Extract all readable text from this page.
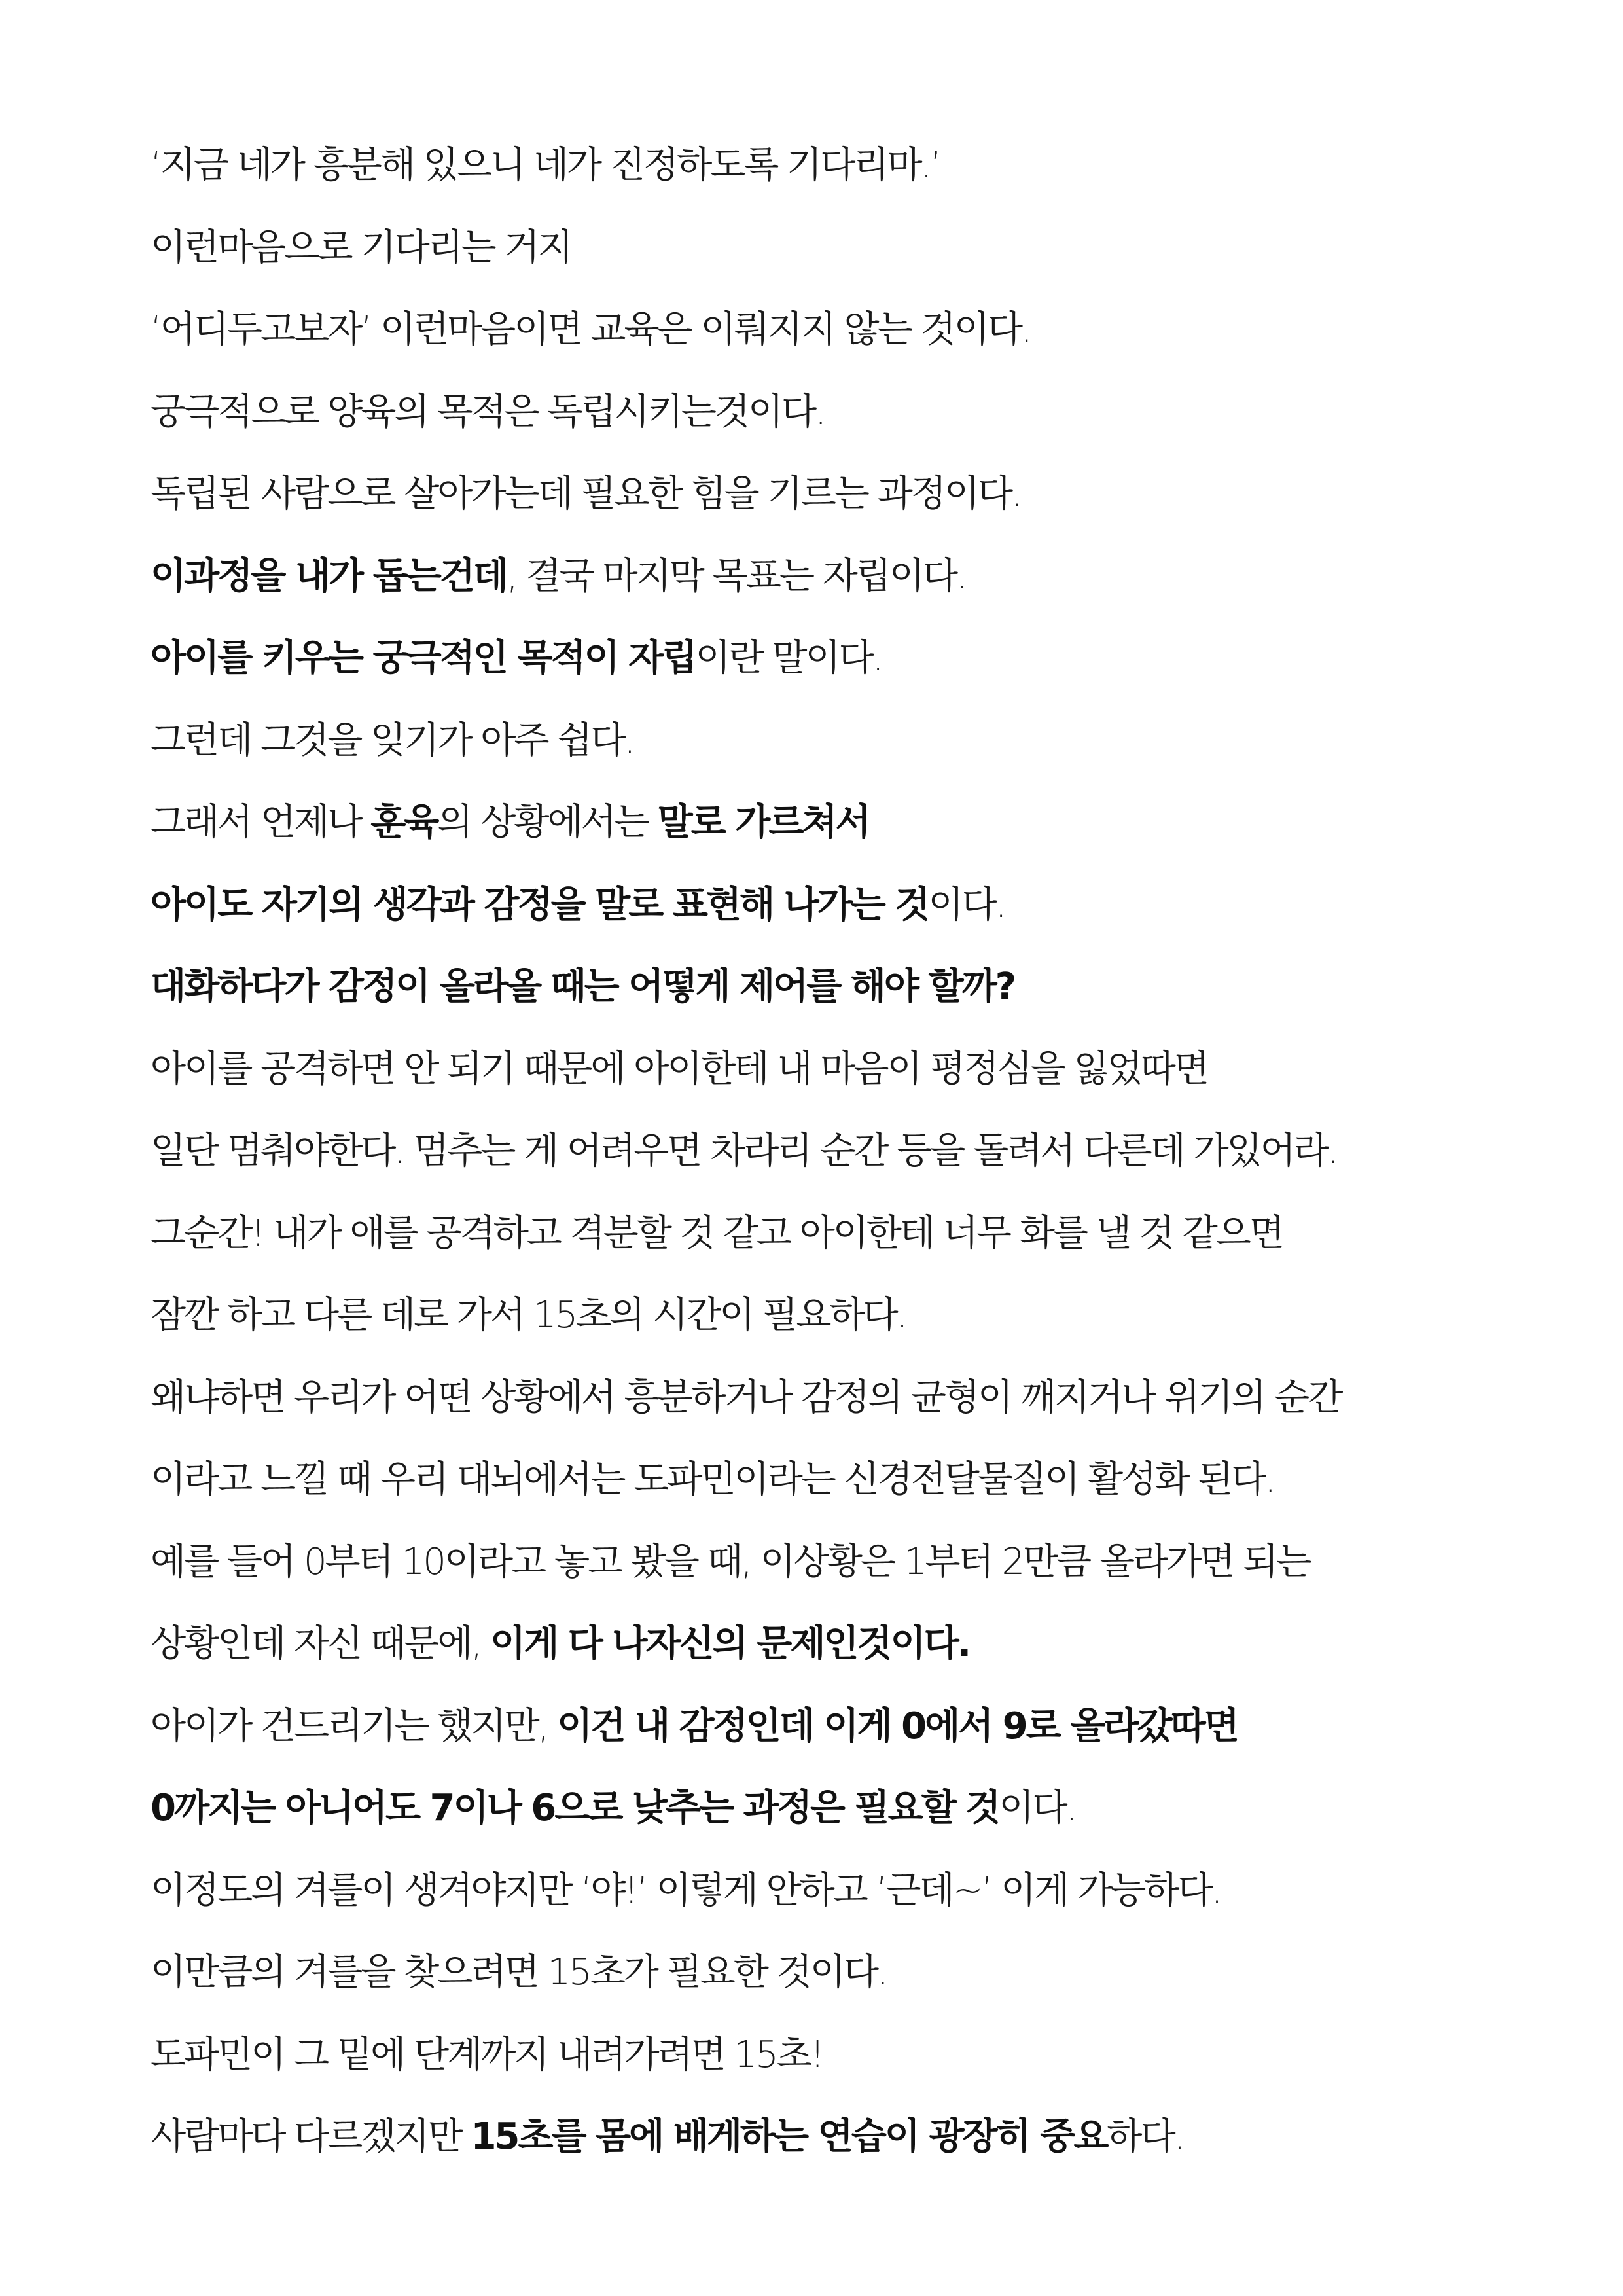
‘지금 네가 흥분해 있으니 네가 진정하도록 기다리마.’
이런마음으로 기다리는 거지
‘어디두고보자’ 이런마음이면 교육은 이뤄지지 않는 것이다.
궁극적으로 양육의 목적은 독립시키는것이다.
독립된 사람으로 살아가는데 필요한 힘을 기르는 과정이다.
이과정을 내가 돕는건데, 결국 마지막 목표는 자립이다.
아이를 키우는 궁극적인 목적이 자립이란 말이다.
그런데 그것을 잊기가 아주 쉽다.
그래서 언제나 훈육의 상황에서는 말로 가르쳐서
아이도 자기의 생각과 감정을 말로 표현해 나가는 것이다.
대화하다가 감정이 올라올 때는 어떻게 제어를 해야 할까?
아이를 공격하면 안 되기 때문에 아이한테 내 마음이 평정심을 잃었따면
일단 멈춰야한다. 멈추는 게 어려우면 차라리 순간 등을 돌려서 다른데 가있어라.
그순간! 내가 애를 공격하고 격분할 것 같고 아이한테 너무 화를 낼 것 같으면
잠깐 하고 다른 데로 가서 15초의 시간이 필요하다.
왜냐하면 우리가 어떤 상황에서 흥분하거나 감정의 균형이 깨지거나 위기의 순간
이라고 느낄 때 우리 대뇌에서는 도파민이라는 신경전달물질이 활성화 된다.
예를 들어 0부터 10이라고 놓고 봤을 때, 이상황은 1부터 2만큼 올라가면 되는
상황인데 자신 때문에, 이게 다 나자신의 문제인것이다.
아이가 건드리기는 했지만, 이건 내 감정인데 이게 0에서 9로 올라갔따면
0까지는 아니어도 7이나 6으로 낮추는 과정은 필요할 것이다.
이정도의 겨를이 생겨야지만 ‘야!’ 이렇게 안하고 ’근데~’ 이게 가능하다.
이만큼의 겨를을 찾으려면 15초가 필요한 것이다.
도파민이 그 밑에 단계까지 내려가려면 15초!
사람마다 다르겠지만 15초를 몸에 배게하는 연습이 광장히 중요하다.
